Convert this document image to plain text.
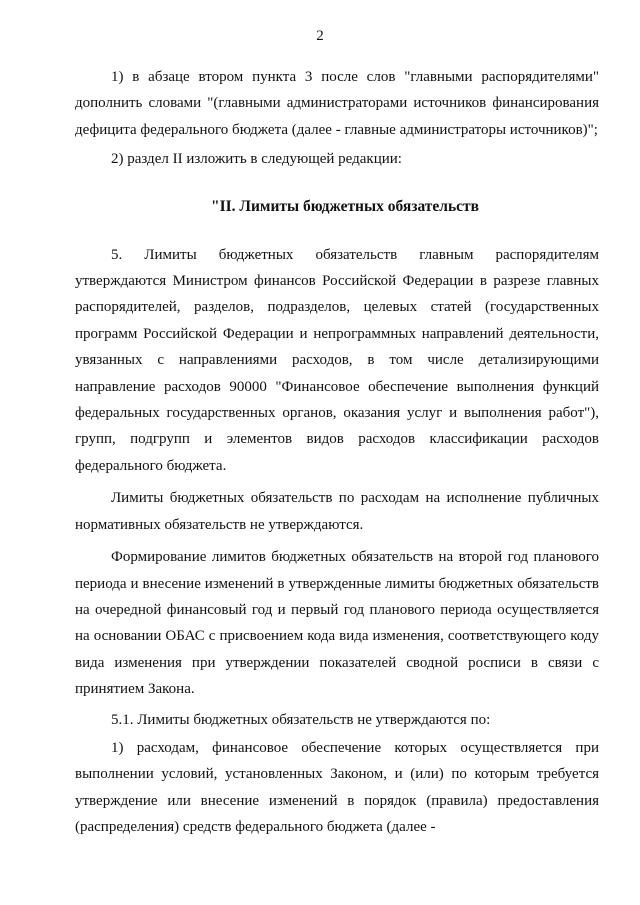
2

1) в абзаце втором пункта 3 после слов "главными распорядителями" дополнить словами "(главными администраторами источников финансирования дефицита федерального бюджета (далее - главные администраторы источников)";

2) раздел II изложить в следующей редакции:

"II. Лимиты бюджетных обязательств

5. Лимиты бюджетных обязательств главным распорядителям утверждаются Министром финансов Российской Федерации в разрезе главных распорядителей, разделов, подразделов, целевых статей (государственных программ Российской Федерации и непрограммных направлений деятельности, увязанных с направлениями расходов, в том числе детализирующими направление расходов 90000 "Финансовое обеспечение выполнения функций федеральных государственных органов, оказания услуг и выполнения работ"), групп, подгрупп и элементов видов расходов классификации расходов федерального бюджета.

Лимиты бюджетных обязательств по расходам на исполнение публичных нормативных обязательств не утверждаются.

Формирование лимитов бюджетных обязательств на второй год планового периода и внесение изменений в утвержденные лимиты бюджетных обязательств на очередной финансовый год и первый год планового периода осуществляется на основании ОБАС с присвоением кода вида изменения, соответствующего коду вида изменения при утверждении показателей сводной росписи в связи с принятием Закона.

5.1. Лимиты бюджетных обязательств не утверждаются по:

1) расходам, финансовое обеспечение которых осуществляется при выполнении условий, установленных Законом, и (или) по которым требуется утверждение или внесение изменений в порядок (правила) предоставления (распределения) средств федерального бюджета (далее -
